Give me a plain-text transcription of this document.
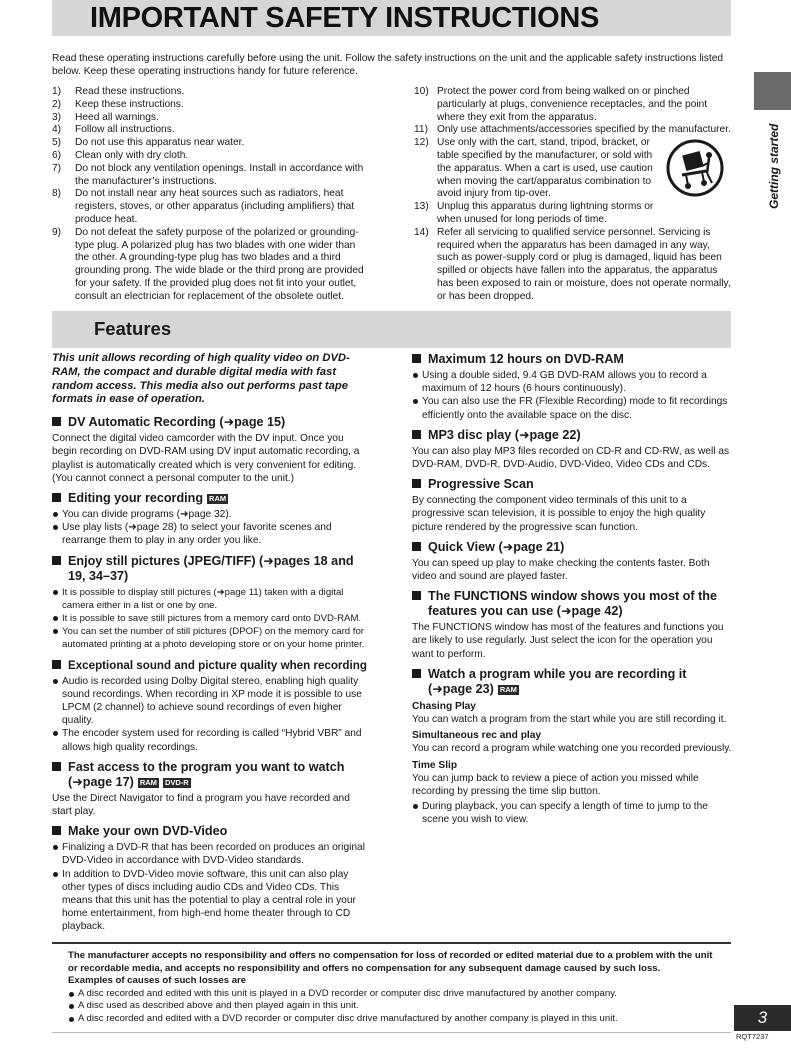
IMPORTANT SAFETY INSTRUCTIONS
Read these operating instructions carefully before using the unit. Follow the safety instructions on the unit and the applicable safety instructions listed below. Keep these operating instructions handy for future reference.
1) Read these instructions.
2) Keep these instructions.
3) Heed all warnings.
4) Follow all instructions.
5) Do not use this apparatus near water.
6) Clean only with dry cloth.
7) Do not block any ventilation openings. Install in accordance with the manufacturer’s instructions.
8) Do not install near any heat sources such as radiators, heat registers, stoves, or other apparatus (including amplifiers) that produce heat.
9) Do not defeat the safety purpose of the polarized or grounding-type plug. A polarized plug has two blades with one wider than the other. A grounding-type plug has two blades and a third grounding prong. The wide blade or the third prong are provided for your safety. If the provided plug does not fit into your outlet, consult an electrician for replacement of the obsolete outlet.
10) Protect the power cord from being walked on or pinched particularly at plugs, convenience receptacles, and the point where they exit from the apparatus.
11) Only use attachments/accessories specified by the manufacturer.
12) Use only with the cart, stand, tripod, bracket, or table specified by the manufacturer, or sold with the apparatus. When a cart is used, use caution when moving the cart/apparatus combination to avoid injury from tip-over.
13) Unplug this apparatus during lightning storms or when unused for long periods of time.
14) Refer all servicing to qualified service personnel. Servicing is required when the apparatus has been damaged in any way, such as power-supply cord or plug is damaged, liquid has been spilled or objects have fallen into the apparatus, the apparatus has been exposed to rain or moisture, does not operate normally, or has been dropped.
Getting started
Features

This unit allows recording of high quality video on DVD-RAM, the compact and durable digital media with fast random access. This media also out performs past tape formats in ease of operation.

DV Automatic Recording (➜page 15)

Connect the digital video camcorder with the DV input. Once you begin recording on DVD-RAM using DV input automatic recording, a playlist is automatically created which is very convenient for editing. (You cannot connect a personal computer to the unit.)

Editing your recording RAM
You can divide programs (➜page 32).
Use play lists (➜page 28) to select your favorite scenes and rearrange them to play in any order you like.
Enjoy still pictures (JPEG/TIFF) (➜pages 18 and 19, 34–37)
It is possible to display still pictures (➜page 11) taken with a digital camera either in a list or one by one.
It is possible to save still pictures from a memory card onto DVD-RAM.
You can set the number of still pictures (DPOF) on the memory card for automated printing at a photo developing store or on your home printer.
Exceptional sound and picture quality when recording
Audio is recorded using Dolby Digital stereo, enabling high quality sound recordings. When recording in XP mode it is possible to use LPCM (2 channel) to achieve sound recordings of even higher quality.
The encoder system used for recording is called “Hybrid VBR” and allows high quality recordings.
Fast access to the program you want to watch (➜page 17) RAM DVD-R

Use the Direct Navigator to find a program you have recorded and start play.

Make your own DVD-Video
Finalizing a DVD-R that has been recorded on produces an original DVD-Video in accordance with DVD-Video standards.
In addition to DVD-Video movie software, this unit can also play other types of discs including audio CDs and Video CDs. This means that this unit has the potential to play a central role in your home entertainment, from high-end home theater through to CD playback.
Maximum 12 hours on DVD-RAM
Using a double sided, 9.4 GB DVD-RAM allows you to record a maximum of 12 hours (6 hours continuously).
You can also use the FR (Flexible Recording) mode to fit recordings efficiently onto the available space on the disc.
MP3 disc play (➜page 22)

You can also play MP3 files recorded on CD-R and CD-RW, as well as DVD-RAM, DVD-R, DVD-Audio, DVD-Video, Video CDs and CDs.

Progressive Scan

By connecting the component video terminals of this unit to a progressive scan television, it is possible to enjoy the high quality picture rendered by the progressive scan function.

Quick View (➜page 21)

You can speed up play to make checking the contents faster. Both video and sound are played faster.

The FUNCTIONS window shows you most of the features you can use (➜page 42)

The FUNCTIONS window has most of the features and functions you are likely to use regularly. Just select the icon for the operation you want to perform.

Watch a program while you are recording it (➜page 23) RAM
Chasing Play

You can watch a program from the start while you are still recording it.

Simultaneous rec and play

You can record a program while watching one you recorded previously.

Time Slip

You can jump back to review a piece of action you missed while recording by pressing the time slip button.

During playback, you can specify a length of time to jump to the scene you wish to view.
The manufacturer accepts no responsibility and offers no compensation for loss of recorded or edited material due to a problem with the unit or recordable media, and accepts no responsibility and offers no compensation for any subsequent damage caused by such loss.
Examples of causes of such losses are
A disc recorded and edited with this unit is played in a DVD recorder or computer disc drive manufactured by another company.
A disc used as described above and then played again in this unit.
A disc recorded and edited with a DVD recorder or computer disc drive manufactured by another company is played in this unit.	3
RQT7237
